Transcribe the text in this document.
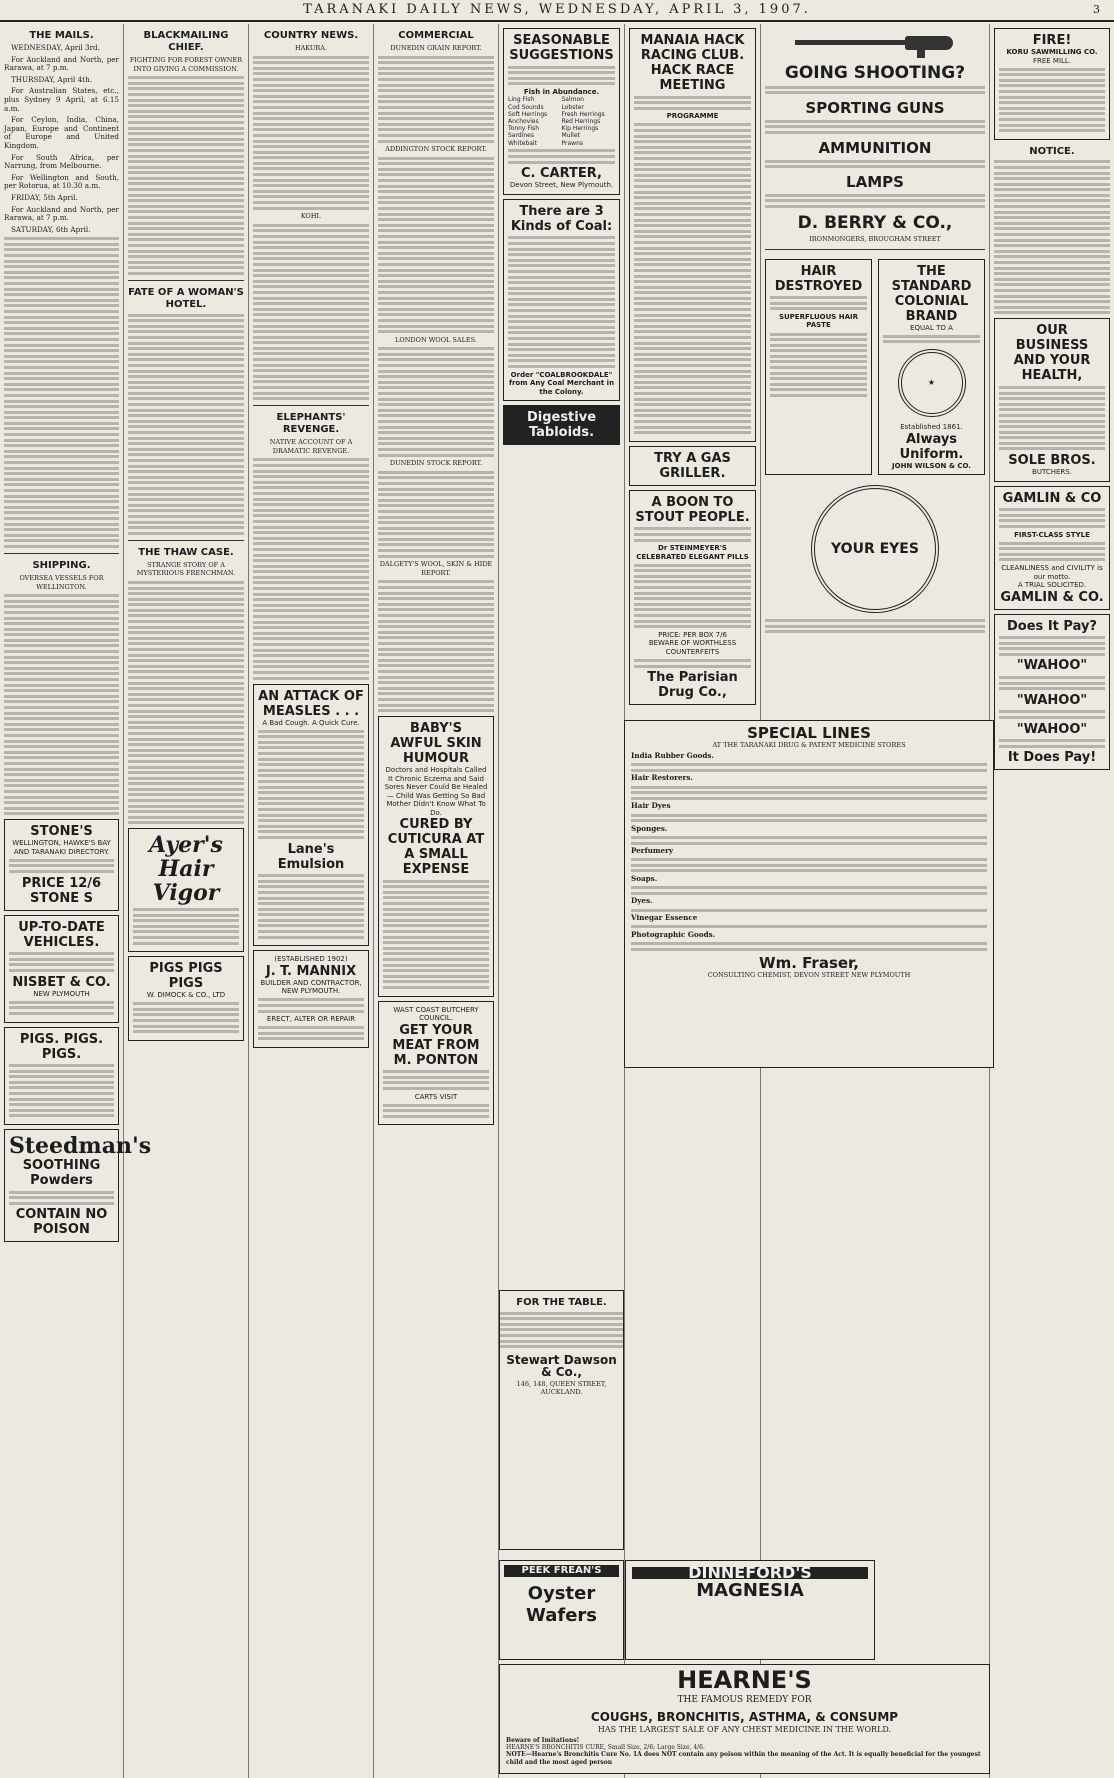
TARANAKI DAILY NEWS, WEDNESDAY, APRIL 3, 1907.	3
THE MAILS.
WEDNESDAY, April 3rd.
For Auckland and North, per Rarawa, at 7 p.m.
THURSDAY, April 4th.
For Australian States, etc., plus Sydney 9 April, at 6.15 a.m.
For Ceylon, India, China, Japan, Europe and Continent of Europe and United Kingdom.
For South Africa, per Narrung, from Melbourne.
For Wellington and South, per Rotorua, at 10.30 a.m.
FRIDAY, 5th April.
For Auckland and North, per Rarawa, at 7 p.m.
SATURDAY, 6th April.
SHIPPING.
OVERSEA VESSELS FOR WELLINGTON.
STONE'S
WELLINGTON, HAWKE'S BAY AND TARANAKI DIRECTORY.
PRICE 12/6
STONE S
UP-TO-DATE VEHICLES.
NISBET & CO.
NEW PLYMOUTH
PIGS. PIGS. PIGS.
Steedman's
SOOTHING Powders
CONTAIN NO POISON
BLACKMAILING CHIEF.
FIGHTING FOR FOREST OWNER INTO GIVING A COMMISSION.
FATE OF A WOMAN'S HOTEL.
THE THAW CASE.
STRANGE STORY OF A MYSTERIOUS FRENCHMAN.
Ayer's
Hair Vigor
PIGS PIGS PIGS
W. DIMOCK & CO., LTD
COUNTRY NEWS.
HAKURA.
KOHI.
ELEPHANTS' REVENGE.
NATIVE ACCOUNT OF A DRAMATIC REVENGE.
AN ATTACK OF MEASLES . . .
A Bad Cough. A Quick Cure.
Lane's Emulsion
(ESTABLISHED 1902)
J. T. MANNIX
BUILDER AND CONTRACTOR, NEW PLYMOUTH.
ERECT, ALTER OR REPAIR
COMMERCIAL
DUNEDIN GRAIN REPORT.
ADDINGTON STOCK REPORT.
LONDON WOOL SALES.
DUNEDIN STOCK REPORT.
DALGETY'S WOOL, SKIN & HIDE REPORT.
BABY'S AWFUL SKIN HUMOUR
Doctors and Hospitals Called It Chronic Eczema and Said Sores Never Could Be Healed — Child Was Getting So Bad Mother Didn't Know What To Do.
CURED BY CUTICURA AT A SMALL EXPENSE
WAST COAST BUTCHERY COUNCIL.
GET YOUR MEAT FROM
M. PONTON
CARTS VISIT
SEASONABLE SUGGESTIONS
Fish in Abundance.
Ling Fish	Salmon
Cod Sounds	Lobster
Soft Herrings	Fresh Herrings
Anchovies	Red Herrings
Tonny Fish	Kip Herrings
Sardines	Mullet
Whitebait	Prawns
C. CARTER,
Devon Street, New Plymouth.
There are 3 Kinds of Coal:
Order "COALBROOKDALE" from Any Coal Merchant in the Colony.
Digestive Tabloids.
MANAIA HACK RACING CLUB.
HACK RACE MEETING
PROGRAMME
TRY A GAS GRILLER.
A BOON TO STOUT PEOPLE.
Dr STEINMEYER'S CELEBRATED ELEGANT PILLS
PRICE: PER BOX 7/6
BEWARE OF WORTHLESS COUNTERFEITS
The Parisian Drug Co.,
GOING SHOOTING?
SPORTING GUNS
AMMUNITION
LAMPS
D. BERRY & CO.,
IRONMONGERS, BROUGHAM STREET
HAIR DESTROYED
SUPERFLUOUS HAIR PASTE
THE STANDARD COLONIAL BRAND
EQUAL TO A
★
Established 1861.
Always Uniform.
JOHN WILSON & CO.
YOUR EYES
FIRE!
KORU SAWMILLING CO.
FREE MILL.
NOTICE.
OUR BUSINESS AND YOUR HEALTH,
SOLE BROS.
BUTCHERS.
GAMLIN & CO
FIRST-CLASS STYLE
CLEANLINESS and CIVILITY is our motto.
A TRIAL SOLICITED.
GAMLIN & CO.
Does It Pay?
"WAHOO"
"WAHOO"
"WAHOO"
It Does Pay!
SPECIAL LINES
AT THE TARANAKI DRUG & PATENT MEDICINE STORES
India Rubber Goods.
Hair Restorers.
Hair Dyes
Sponges.
Perfumery
Soaps.
Dyes.
Vinegar Essence
Photographic Goods.
Wm. Fraser,
CONSULTING CHEMIST, DEVON STREET NEW PLYMOUTH
FOR THE TABLE.
Stewart Dawson & Co.,
146, 148, QUEEN STREET, AUCKLAND.
PEEK FREAN'S
Oyster Wafers
DINNEFORD'S
MAGNESIA
HEARNE'S
THE FAMOUS REMEDY FOR
COUGHS, BRONCHITIS, ASTHMA, & CONSUMP
HAS THE LARGEST SALE OF ANY CHEST MEDICINE IN THE WORLD.
Beware of Imitations!
HEARNE'S BRONCHITIS CURE, Small Size, 2/6; Large Size, 4/6.
NOTE—Hearne's Bronchitis Cure No. 1A does NOT contain any poison within the meaning of the Act. It is equally beneficial for the youngest child and the most aged person
